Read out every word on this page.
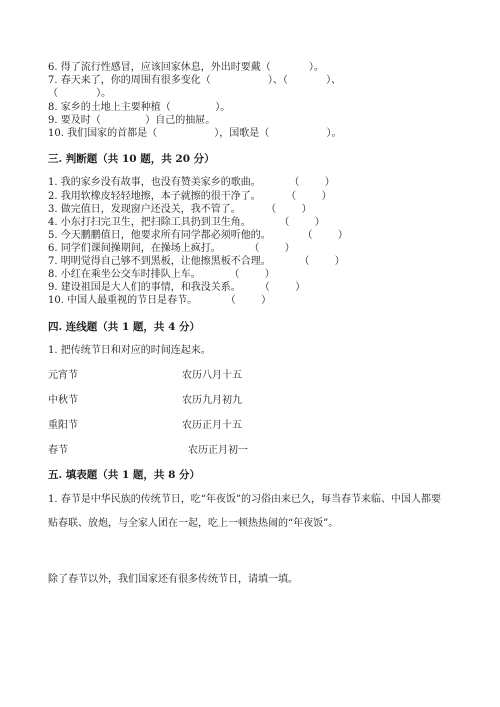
6. 得了流行性感冒，应该回家休息，外出时要戴（            ）。
7. 春天来了，你的周围有很多变化（                  ）、（            ）、
（            ）。
8. 家乡的土地上主要种植（              ）。
9. 要及时（              ）自己的抽屉。
10. 我们国家的首都是（                  ），国歌是（                  ）。
三. 判断题（共 10 题，共 20 分）
1. 我的家乡没有故事，也没有赞美家乡的歌曲。         （        ）
2. 我用软橡皮轻轻地擦，本子就擦的很干净了。        （        ）
3. 做完值日，发现窗户还没关，我不管了。        （        ）
4. 小东打扫完卫生，把扫除工具扔到卫生角。         （        ）
5. 今天鹏鹏值日，他要求所有同学都必须听他的。          （        ）
6. 同学们课间操期间，在操场上疯打。         （        ）
7. 明明觉得自己够不到黑板，让他擦黑板不合理。         （        ）
8. 小红在乘坐公交车时排队上车。         （        ）
9. 建设祖国是大人们的事情，和我没关系。      （        ）
10. 中国人最重视的节日是春节。         （        ）
四. 连线题（共 1 题，共 4 分）
1. 把传统节日和对应的时间连起来。
元宵节	农历八月十五
中秋节	农历九月初九
重阳节	农历正月十五
春节	农历正月初一
五. 填表题（共 1 题，共 8 分）
1. 春节是中华民族的传统节日，吃“年夜饭”的习俗由来已久，每当春节来临、中国人都要贴春联、放炮，与全家人团在一起，吃上一顿热热闹的“年夜饭”。
除了春节以外，我们国家还有很多传统节日，请填一填。
